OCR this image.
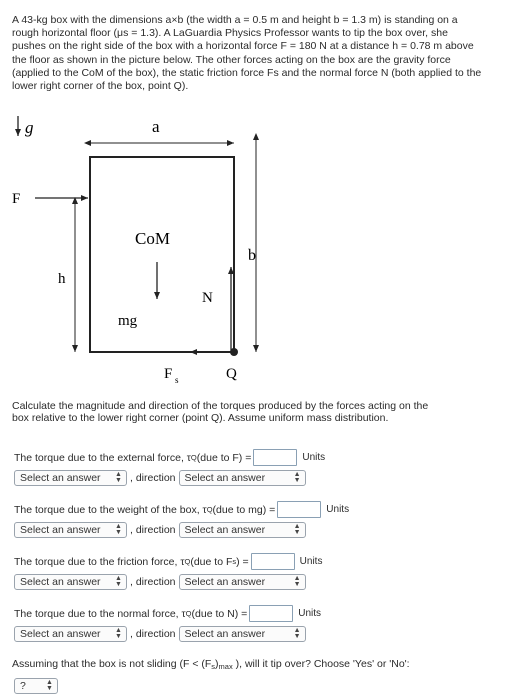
A 43-kg box with the dimensions a×b (the width a = 0.5 m and height b = 1.3 m) is standing on a rough horizontal floor (μs = 1.3). A LaGuardia Physics Professor wants to tip the box over, she pushes on the right side of the box with a horizontal force F = 180 N at a distance h = 0.78 m above the floor as shown in the picture below. The other forces acting on the box are the gravity force (applied to the CoM of the box), the static friction force Fs and the normal force N (both applied to the lower right corner of the box, point Q).
g	a
F
b
h
CoM
mg
N
F s	Q
Calculate the magnitude and direction of the torques produced by the forces acting on the box relative to the lower right corner (point Q). Assume uniform mass distribution.
The torque due to the external force, τ Q (due to F) =	Units
Select an answer ▲
▼ , direction Select an answer	▲
▼
The torque due to the weight of the box, τ Q (due to mg) =	Units
Select an answer ▲
▼ , direction Select an answer	▲
▼
The torque due to the friction force, τ Q (due to F s ) =	Units
Select an answer ▲
▼ , direction Select an answer	▲
▼
The torque due to the normal force, τ Q (due to N) =	Units
Select an answer ▲
▼ , direction Select an answer	▲
▼
Assuming that the box is not sliding ($F < (F_s)_{max}$ ), will it tip over? Choose 'Yes' or 'No':
?	▲
▼
